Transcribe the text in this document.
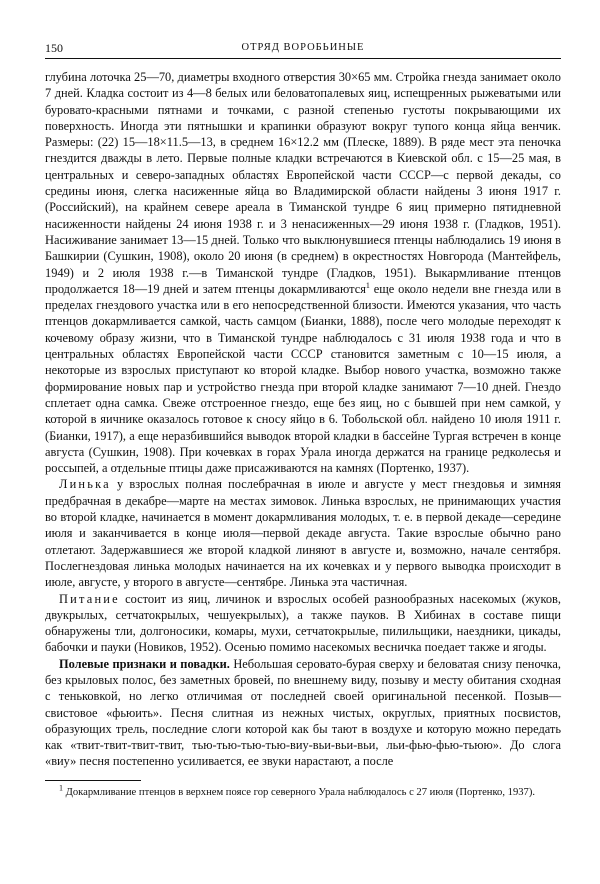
150	ОТРЯД ВОРОБЬИНЫЕ

глубина лоточка 25—70, диаметры входного отверстия 30×65 мм. Стройка гнезда занимает около 7 дней. Кладка состоит из 4—8 белых или беловатопалевых яиц, испещренных рыжеватыми или буровато-красными пятнами и точками, с разной степенью густоты покрывающими их поверхность. Иногда эти пятнышки и крапинки образуют вокруг тупого конца яйца венчик. Размеры: (22) 15—18×11.5—13, в среднем 16×12.2 мм (Плеске, 1889). В ряде мест эта пеночка гнездится дважды в лето. Первые полные кладки встречаются в Киевской обл. с 15—25 мая, в центральных и северо-западных областях Европейской части СССР—с первой декады, со средины июня, слегка насиженные яйца во Владимирской области найдены 3 июня 1917 г. (Российский), на крайнем севере ареала в Тиманской тундре 6 яиц примерно пятидневной насиженности найдены 24 июня 1938 г. и 3 ненасиженных—29 июня 1938 г. (Гладков, 1951). Насиживание занимает 13—15 дней. Только что выклюнувшиеся птенцы наблюдались 19 июня в Башкирии (Сушкин, 1908), около 20 июня (в среднем) в окрестностях Новгорода (Мантейфель, 1949) и 2 июля 1938 г.—в Тиманской тундре (Гладков, 1951). Выкармливание птенцов продолжается 18—19 дней и затем птенцы докармливаются$^1$ еще около недели вне гнезда или в пределах гнездового участка или в его непосредственной близости. Имеются указания, что часть птенцов докармливается самкой, часть самцом (Бианки, 1888), после чего молодые переходят к кочевому образу жизни, что в Тиманской тундре наблюдалось с 31 июля 1938 года и что в центральных областях Европейской части СССР становится заметным с 10—15 июля, а некоторые из взрослых приступают ко второй кладке. Выбор нового участка, возможно также формирование новых пар и устройство гнезда при второй кладке занимают 7—10 дней. Гнездо сплетает одна самка. Свеже отстроенное гнездо, еще без яиц, но с бывшей при нем самкой, у которой в яичнике оказалось готовое к сносу яйцо в 6. Тобольской обл. найдено 10 июля 1911 г. (Бианки, 1917), а еще неразбившийся выводок второй кладки в бассейне Тургая встречен в конце августа (Сушкин, 1908). При кочевках в горах Урала иногда держатся на границе редколесья и россыпей, а отдельные птицы даже присаживаются на камнях (Портенко, 1937).

Линька у взрослых полная послебрачная в июле и августе у мест гнездовья и зимняя предбрачная в декабре—марте на местах зимовок. Линька взрослых, не принимающих участия во второй кладке, начинается в момент докармливания молодых, т. е. в первой декаде—середине июля и заканчивается в конце июля—первой декаде августа. Такие взрослые обычно рано отлетают. Задержавшиеся же второй кладкой линяют в августе и, возможно, начале сентября. Послегнездовая линька молодых начинается на их кочевках и у первого выводка происходит в июле, августе, у второго в августе—сентябре. Линька эта частичная.

Питание состоит из яиц, личинок и взрослых особей разнообразных насекомых (жуков, двукрылых, сетчатокрылых, чешуекрылых), а также пауков. В Хибинах в составе пищи обнаружены тли, долгоносики, комары, мухи, сетчатокрылые, пилильщики, наездники, цикады, бабочки и пауки (Новиков, 1952). Осенью помимо насекомых весничка поедает также и ягоды.

Полевые признаки и повадки. Небольшая серовато-бурая сверху и беловатая снизу пеночка, без крыловых полос, без заметных бровей, по внешнему виду, позыву и месту обитания сходная с теньковкой, но легко отличимая от последней своей оригинальной песенкой. Позыв—свистовое «фьюить». Песня слитная из нежных чистых, округлых, приятных посвистов, образующих трель, последние слоги которой как бы тают в воздухе и которую можно передать как «твит-твит-твит-твит, тью-тью-тью-тью-виу-вьи-вьи-вьи, льи-фью-фью-тьюю». До слога «виу» песня постепенно усиливается, ее звуки нарастают, а после

$^1$ Докармливание птенцов в верхнем поясе гор северного Урала наблюдалось с 27 июля (Портенко, 1937).
